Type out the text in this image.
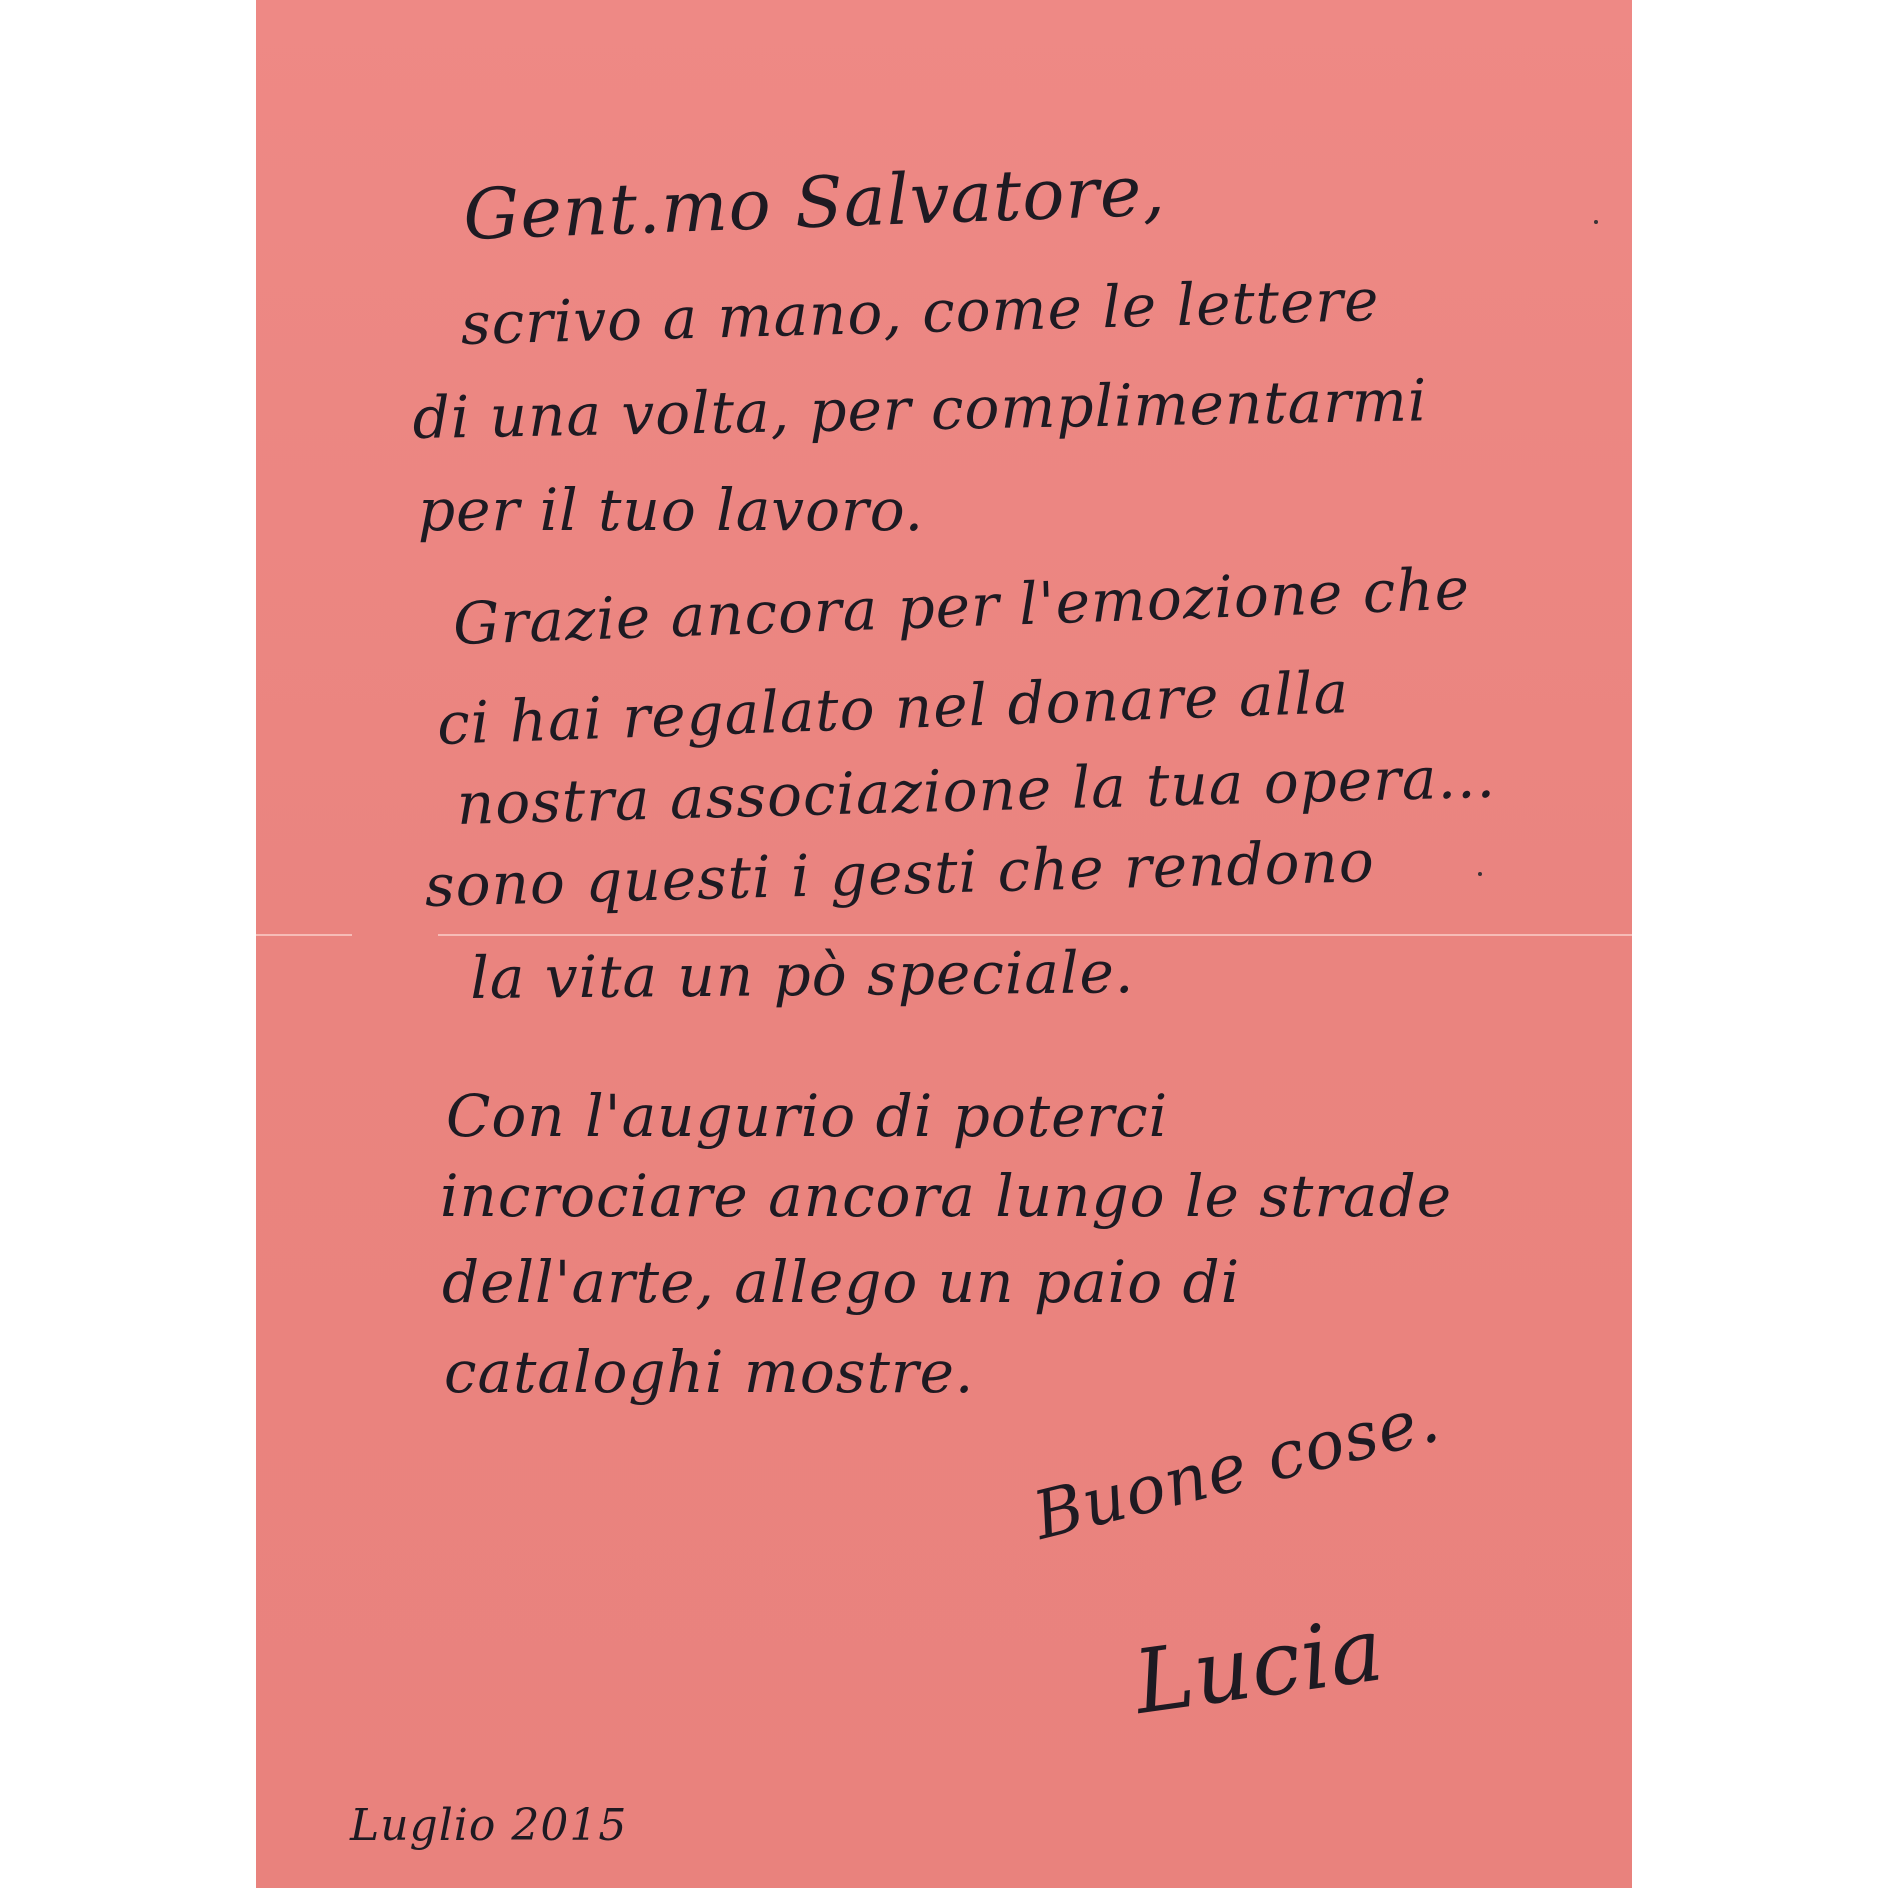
Gent.mo Salvatore,

scrivo a mano, come le lettere

di una volta, per complimentarmi

per il tuo lavoro.

Grazie ancora per l'emozione che

ci hai regalato nel donare alla

nostra associazione la tua opera...

sono questi i gesti che rendono

la vita un pò speciale.

Con l'augurio di poterci

incrociare ancora lungo le strade

dell'arte, allego un paio di

cataloghi mostre.

Buone cose.

Lucia

Luglio 2015
